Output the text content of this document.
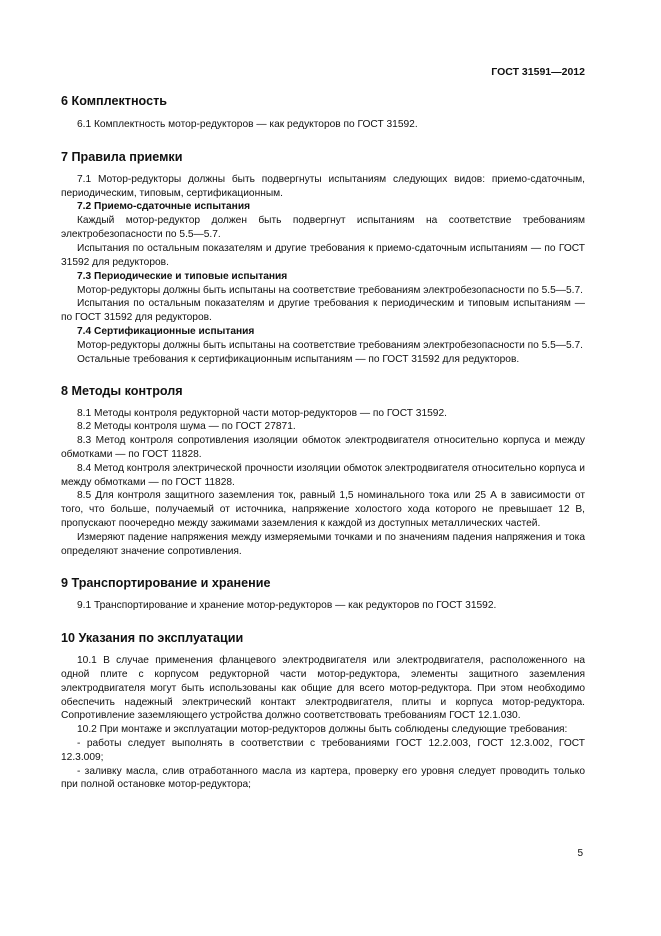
ГОСТ 31591—2012
6 Комплектность

6.1 Комплектность мотор-редукторов — как редукторов по ГОСТ 31592.

7 Правила приемки

7.1 Мотор-редукторы должны быть подвергнуты испытаниям следующих видов: приемо-сдаточным, периодическим, типовым, сертификационным.

7.2 Приемо-сдаточные испытания

Каждый мотор-редуктор должен быть подвергнут испытаниям на соответствие требованиям электробезопасности по 5.5—5.7.

Испытания по остальным показателям и другие требования к приемо-сдаточным испытаниям — по ГОСТ 31592 для редукторов.

7.3 Периодические и типовые испытания

Мотор-редукторы должны быть испытаны на соответствие требованиям электробезопасности по 5.5—5.7.

Испытания по остальным показателям и другие требования к периодическим и типовым испытаниям — по ГОСТ 31592 для редукторов.

7.4 Сертификационные испытания

Мотор-редукторы должны быть испытаны на соответствие требованиям электробезопасности по 5.5—5.7.

Остальные требования к сертификационным испытаниям — по ГОСТ 31592 для редукторов.

8 Методы контроля

8.1 Методы контроля редукторной части мотор-редукторов — по ГОСТ 31592.

8.2 Методы контроля шума — по ГОСТ 27871.

8.3 Метод контроля сопротивления изоляции обмоток электродвигателя относительно корпуса и между обмотками — по ГОСТ 11828.

8.4 Метод контроля электрической прочности изоляции обмоток электродвигателя относительно корпуса и между обмотками — по ГОСТ 11828.

8.5 Для контроля защитного заземления ток, равный 1,5 номинального тока или 25 А в зависимости от того, что больше, получаемый от источника, напряжение холостого хода которого не превышает 12 В, пропускают поочередно между зажимами заземления к каждой из доступных металлических частей.

Измеряют падение напряжения между измеряемыми точками и по значениям падения напряжения и тока определяют значение сопротивления.

9 Транспортирование и хранение

9.1 Транспортирование и хранение мотор-редукторов — как редукторов по ГОСТ 31592.

10 Указания по эксплуатации

10.1 В случае применения фланцевого электродвигателя или электродвигателя, расположенного на одной плите с корпусом редукторной части мотор-редуктора, элементы защитного заземления электродвигателя могут быть использованы как общие для всего мотор-редуктора. При этом необходимо обеспечить надежный электрический контакт электродвигателя, плиты и корпуса мотор-редуктора. Сопротивление заземляющего устройства должно соответствовать требованиям ГОСТ 12.1.030.

10.2 При монтаже и эксплуатации мотор-редукторов должны быть соблюдены следующие требования:

- работы следует выполнять в соответствии с требованиями ГОСТ 12.2.003, ГОСТ 12.3.002, ГОСТ 12.3.009;

- заливку масла, слив отработанного масла из картера, проверку его уровня следует проводить только при полной остановке мотор-редуктора;

5
